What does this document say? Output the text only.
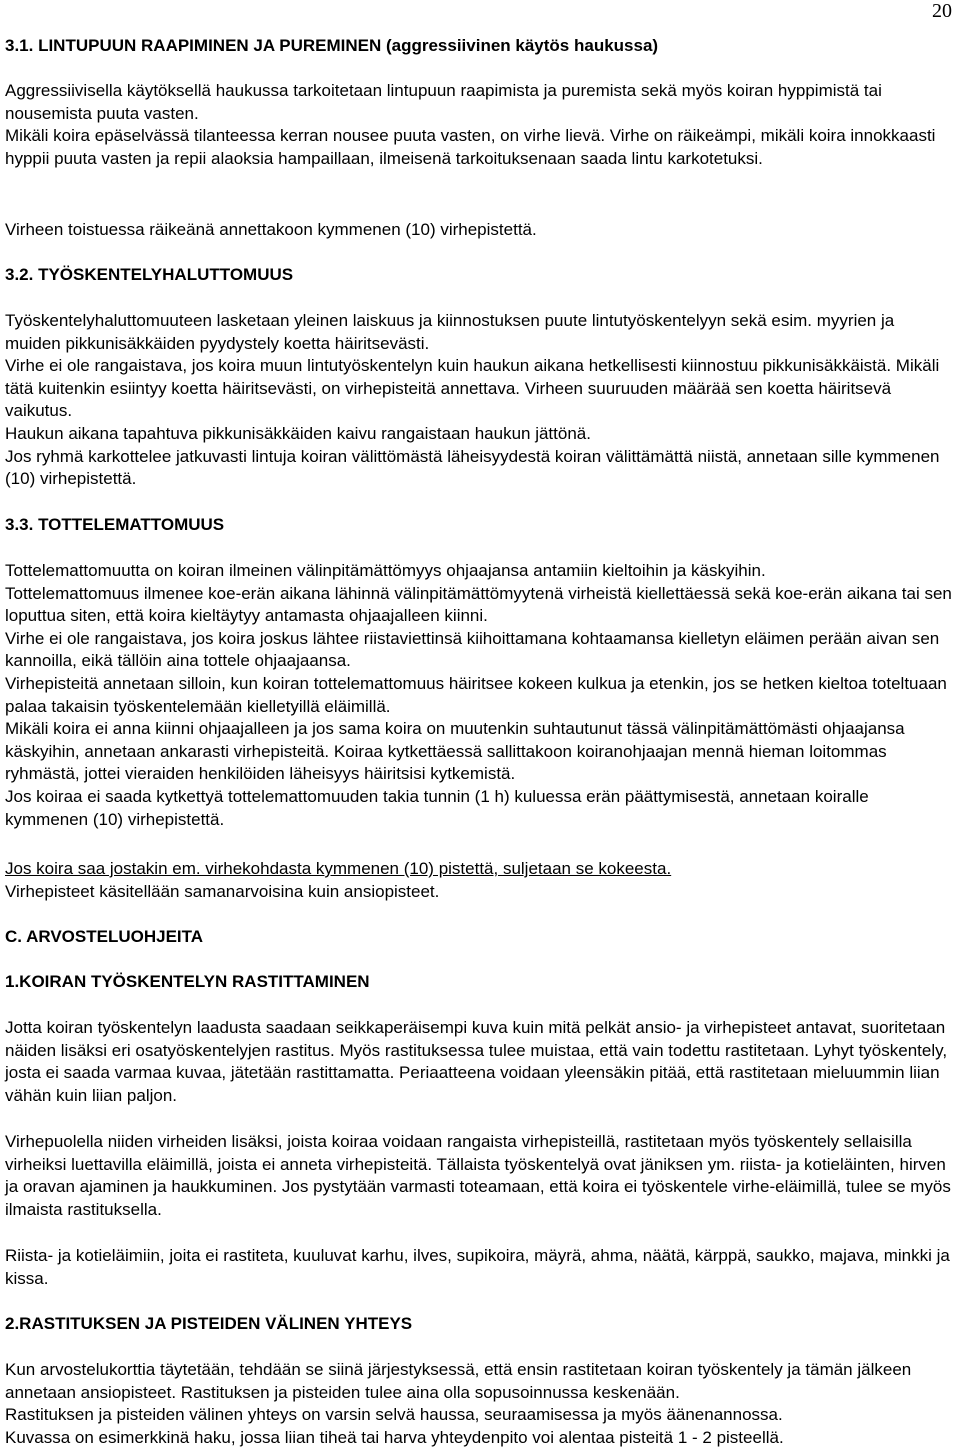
20

3.1. LINTUPUUN RAAPIMINEN JA PUREMINEN (aggressiivinen käytös haukussa)

Aggressiivisella käytöksellä haukussa tarkoitetaan lintupuun raapimista ja puremista sekä myös koiran hyppimistä tai nousemista puuta vasten.

Mikäli koira epäselvässä tilanteessa kerran nousee puuta vasten, on virhe lievä. Virhe on räikeämpi, mikäli koira innokkaasti hyppii puuta vasten ja repii alaoksia hampaillaan, ilmeisenä tarkoituksenaan saada lintu karkotetuksi.

Virheen toistuessa räikeänä annettakoon kymmenen (10) virhepistettä.

3.2. TYÖSKENTELYHALUTTOMUUS

Työskentelyhaluttomuuteen lasketaan yleinen laiskuus ja kiinnostuksen puute lintutyöskentelyyn sekä esim. myyrien ja muiden pikkunisäkkäiden pyydystely koetta häiritsevästi.

Virhe ei ole rangaistava, jos koira muun lintutyöskentelyn kuin haukun aikana hetkellisesti kiinnostuu pikkunisäkkäistä. Mikäli tätä kuitenkin esiintyy koetta häiritsevästi, on virhepisteitä annettava. Virheen suuruuden määrää sen koetta häiritsevä vaikutus.

Haukun aikana tapahtuva pikkunisäkkäiden kaivu rangaistaan haukun jättönä.

Jos ryhmä karkottelee jatkuvasti lintuja koiran välittömästä läheisyydestä koiran välittämättä niistä, annetaan sille kymmenen (10) virhepistettä.

3.3. TOTTELEMATTOMUUS

Tottelemattomuutta on koiran ilmeinen välinpitämättömyys ohjaajansa antamiin kieltoihin ja käskyihin.

Tottelemattomuus ilmenee koe-erän aikana lähinnä välinpitämättömyytenä virheistä kiellettäessä sekä koe-erän aikana tai sen loputtua siten, että koira kieltäytyy antamasta ohjaajalleen kiinni.

Virhe ei ole rangaistava, jos koira joskus lähtee riistaviettinsä kiihoittamana kohtaamansa kielletyn eläimen perään aivan sen kannoilla, eikä tällöin aina tottele ohjaajaansa.

Virhepisteitä annetaan silloin, kun koiran tottelemattomuus häiritsee kokeen kulkua ja etenkin, jos se hetken kieltoa toteltuaan palaa takaisin työskentelemään kielletyillä eläimillä.

Mikäli koira ei anna kiinni ohjaajalleen ja jos sama koira on muutenkin suhtautunut tässä välinpitämättömästi ohjaajansa käskyihin, annetaan ankarasti virhepisteitä. Koiraa kytkettäessä sallittakoon koiranohjaajan mennä hieman loitommas ryhmästä, jottei vieraiden henkilöiden läheisyys häiritsisi kytkemistä.

Jos koiraa ei saada kytkettyä tottelemattomuuden takia tunnin (1 h) kuluessa erän päättymisestä, annetaan koiralle kymmenen (10) virhepistettä.

Jos koira saa jostakin em. virhekohdasta kymmenen (10) pistettä, suljetaan se kokeesta.

Virhepisteet käsitellään samanarvoisina kuin ansiopisteet.

C. ARVOSTELUOHJEITA

1.KOIRAN TYÖSKENTELYN RASTITTAMINEN

Jotta koiran työskentelyn laadusta saadaan seikkaperäisempi kuva kuin mitä pelkät ansio- ja virhepisteet antavat, suoritetaan näiden lisäksi eri osatyöskentelyjen rastitus. Myös rastituksessa tulee muistaa, että vain todettu rastitetaan. Lyhyt työskentely, josta ei saada varmaa kuvaa, jätetään rastittamatta. Periaatteena voidaan yleensäkin pitää, että rastitetaan mieluummin liian vähän kuin liian paljon.

Virhepuolella niiden virheiden lisäksi, joista koiraa voidaan rangaista virhepisteillä, rastitetaan myös työskentely sellaisilla virheiksi luettavilla eläimillä, joista ei anneta virhepisteitä. Tällaista työskentelyä ovat jäniksen ym. riista- ja kotieläinten, hirven ja oravan ajaminen ja haukkuminen. Jos pystytään varmasti toteamaan, että koira ei työskentele virhe-eläimillä, tulee se myös ilmaista rastituksella.

Riista- ja kotieläimiin, joita ei rastiteta, kuuluvat karhu, ilves, supikoira, mäyrä, ahma, näätä, kärppä, saukko, majava, minkki ja kissa.

2.RASTITUKSEN JA PISTEIDEN VÄLINEN YHTEYS

Kun arvostelukorttia täytetään, tehdään se siinä järjestyksessä, että ensin rastitetaan koiran työskentely ja tämän jälkeen annetaan ansiopisteet. Rastituksen ja pisteiden tulee aina olla sopusoinnussa keskenään.

Rastituksen ja pisteiden välinen yhteys on varsin selvä haussa, seuraamisessa ja myös äänenannossa.

Kuvassa on esimerkkinä haku, jossa liian tiheä tai harva yhteydenpito voi alentaa pisteitä 1 - 2 pisteellä.
